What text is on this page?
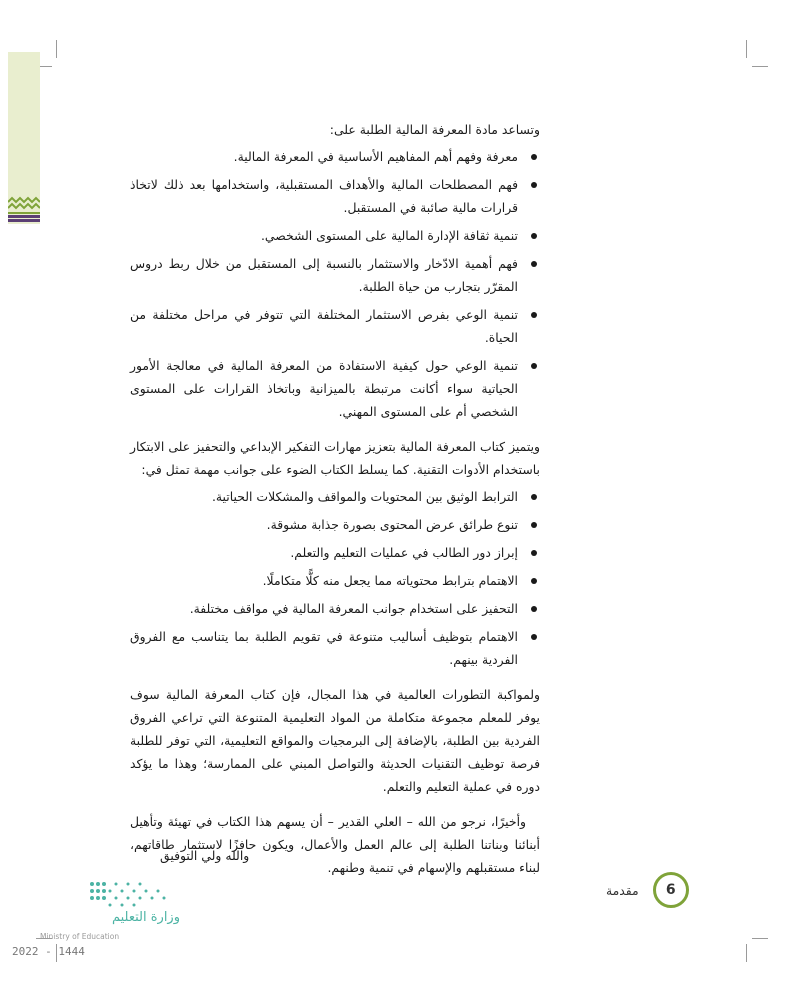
وتساعد مادة المعرفة المالية الطلبة على:

معرفة وفهم أهم المفاهيم الأساسية في المعرفة المالية.
فهم المصطلحات المالية والأهداف المستقبلية، واستخدامها بعد ذلك لاتخاذ قرارات مالية صائبة في المستقبل.
تنمية ثقافة الإدارة المالية على المستوى الشخصي.
فهم أهمية الادّخار والاستثمار بالنسبة إلى المستقبل من خلال ربط دروس المقرّر بتجارب من حياة الطلبة.
تنمية الوعي بفرص الاستثمار المختلفة التي تتوفر في مراحل مختلفة من الحياة.
تنمية الوعي حول كيفية الاستفادة من المعرفة المالية في معالجة الأمور الحياتية سواء أكانت مرتبطة بالميزانية وباتخاذ القرارات على المستوى الشخصي أم على المستوى المهني.

ويتميز كتاب المعرفة المالية بتعزيز مهارات التفكير الإبداعي والتحفيز على الابتكار باستخدام الأدوات التقنية. كما يسلط الكتاب الضوء على جوانب مهمة تمثل في:

الترابط الوثيق بين المحتويات والمواقف والمشكلات الحياتية.
تنوع طرائق عرض المحتوى بصورة جذابة مشوقة.
إبراز دور الطالب في عمليات التعليم والتعلم.
الاهتمام بترابط محتوياته مما يجعل منه كلًّا متكاملًا.
التحفيز على استخدام جوانب المعرفة المالية في مواقف مختلفة.
الاهتمام بتوظيف أساليب متنوعة في تقويم الطلبة بما يتناسب مع الفروق الفردية بينهم.

ولمواكبة التطورات العالمية في هذا المجال، فإن كتاب المعرفة المالية سوف يوفر للمعلم مجموعة متكاملة من المواد التعليمية المتنوعة التي تراعي الفروق الفردية بين الطلبة، بالإضافة إلى البرمجيات والمواقع التعليمية، التي توفر للطلبة فرصة توظيف التقنيات الحديثة والتواصل المبني على الممارسة؛ وهذا ما يؤكد دوره في عملية التعليم والتعلم.

وأخيرًا، نرجو من الله – العلي القدير – أن يسهم هذا الكتاب في تهيئة وتأهيل أبنائنا وبناتنا الطلبة إلى عالم العمل والأعمال، ويكون حافزًا لاستثمار طاقاتهم، لبناء مستقبلهم والإسهام في تنمية وطنهم.

والله ولي التوفيق
6
مقدمة
وزارة التعليم
Ministry of Education
2022 - 1444
